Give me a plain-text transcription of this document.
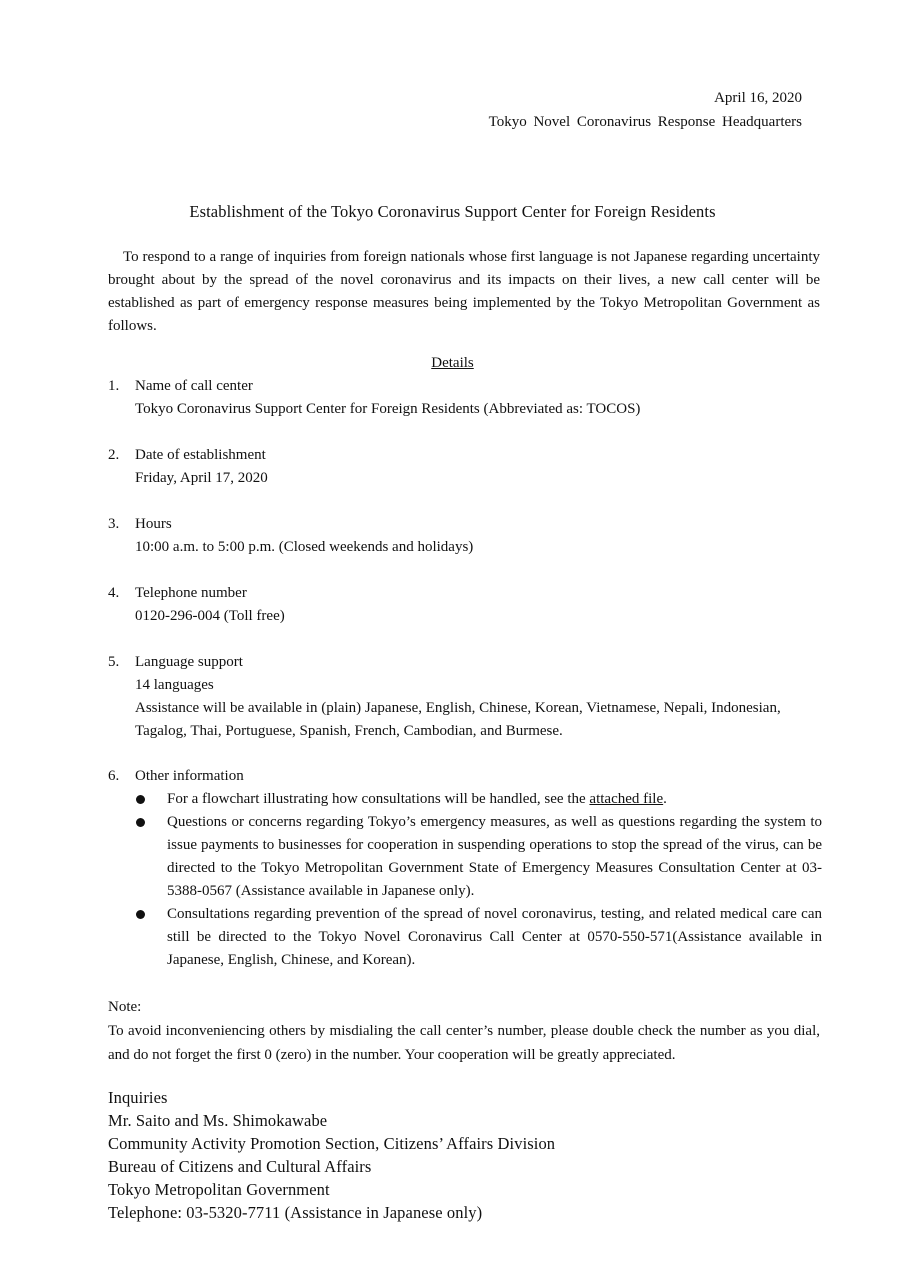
April 16, 2020
Tokyo Novel Coronavirus Response Headquarters
Establishment of the Tokyo Coronavirus Support Center for Foreign Residents
To respond to a range of inquiries from foreign nationals whose first language is not Japanese regarding uncertainty brought about by the spread of the novel coronavirus and its impacts on their lives, a new call center will be established as part of emergency response measures being implemented by the Tokyo Metropolitan Government as follows.
Details
1.	Name of call center
Tokyo Coronavirus Support Center for Foreign Residents (Abbreviated as: TOCOS)
2.	Date of establishment
Friday, April 17, 2020
3.	Hours
10:00 a.m. to 5:00 p.m. (Closed weekends and holidays)
4.	Telephone number
0120-296-004 (Toll free)
5.	Language support
14 languages
Assistance will be available in (plain) Japanese, English, Chinese, Korean, Vietnamese, Nepali, Indonesian, Tagalog, Thai, Portuguese, Spanish, French, Cambodian, and Burmese.
6.	Other information
For a flowchart illustrating how consultations will be handled, see the attached file.
Questions or concerns regarding Tokyo’s emergency measures, as well as questions regarding the system to issue payments to businesses for cooperation in suspending operations to stop the spread of the virus, can be directed to the Tokyo Metropolitan Government State of Emergency Measures Consultation Center at 03-5388-0567 (Assistance available in Japanese only).
Consultations regarding prevention of the spread of novel coronavirus, testing, and related medical care can still be directed to the Tokyo Novel Coronavirus Call Center at 0570-550-571(Assistance available in Japanese, English, Chinese, and Korean).
Note:
To avoid inconveniencing others by misdialing the call center’s number, please double check the number as you dial, and do not forget the first 0 (zero) in the number. Your cooperation will be greatly appreciated.
Inquiries
Mr. Saito and Ms. Shimokawabe
Community Activity Promotion Section, Citizens’ Affairs Division
Bureau of Citizens and Cultural Affairs
Tokyo Metropolitan Government
Telephone: 03-5320-7711 (Assistance in Japanese only)
